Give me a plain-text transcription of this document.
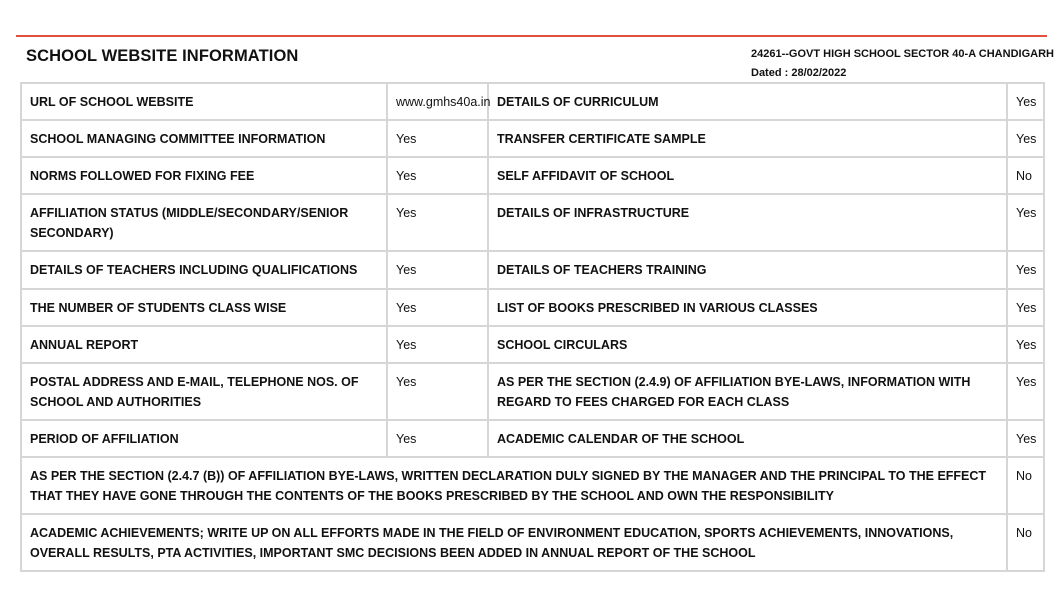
SCHOOL WEBSITE INFORMATION	24261--GOVT HIGH SCHOOL SECTOR 40-A CHANDIGARH
Dated : 28/02/2022
URL OF SCHOOL WEBSITE	www.gmhs40a.in	DETAILS OF CURRICULUM	Yes
SCHOOL MANAGING COMMITTEE INFORMATION	Yes	TRANSFER CERTIFICATE SAMPLE	Yes
NORMS FOLLOWED FOR FIXING FEE	Yes	SELF AFFIDAVIT OF SCHOOL	No
AFFILIATION STATUS (MIDDLE/SECONDARY/SENIOR SECONDARY)	Yes	DETAILS OF INFRASTRUCTURE	Yes
DETAILS OF TEACHERS INCLUDING QUALIFICATIONS	Yes	DETAILS OF TEACHERS TRAINING	Yes
THE NUMBER OF STUDENTS CLASS WISE	Yes	LIST OF BOOKS PRESCRIBED IN VARIOUS CLASSES	Yes
ANNUAL REPORT	Yes	SCHOOL CIRCULARS	Yes
POSTAL ADDRESS AND E-MAIL, TELEPHONE NOS. OF SCHOOL AND AUTHORITIES	Yes	AS PER THE SECTION (2.4.9) OF AFFILIATION BYE-LAWS, INFORMATION WITH REGARD TO FEES CHARGED FOR EACH CLASS	Yes
PERIOD OF AFFILIATION	Yes	ACADEMIC CALENDAR OF THE SCHOOL	Yes
AS PER THE SECTION (2.4.7 (B)) OF AFFILIATION BYE-LAWS, WRITTEN DECLARATION DULY SIGNED BY THE MANAGER AND THE PRINCIPAL TO THE EFFECT THAT THEY HAVE GONE THROUGH THE CONTENTS OF THE BOOKS PRESCRIBED BY THE SCHOOL AND OWN THE RESPONSIBILITY			No
ACADEMIC ACHIEVEMENTS; WRITE UP ON ALL EFFORTS MADE IN THE FIELD OF ENVIRONMENT EDUCATION, SPORTS ACHIEVEMENTS, INNOVATIONS, OVERALL RESULTS, PTA ACTIVITIES, IMPORTANT SMC DECISIONS BEEN ADDED IN ANNUAL REPORT OF THE SCHOOL			No
